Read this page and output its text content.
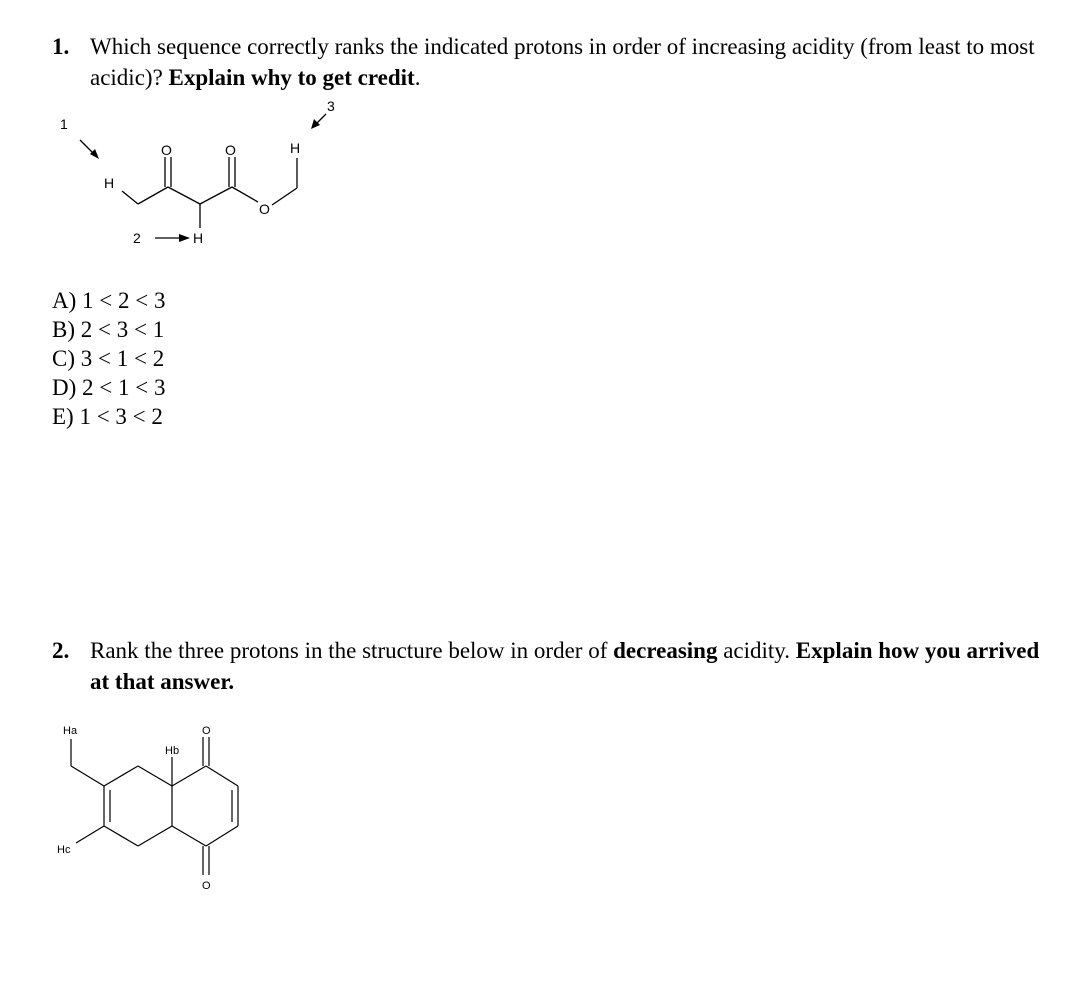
1. Which sequence correctly ranks the indicated protons in order of increasing acidity (from least to most acidic)? Explain why to get credit.
1
2
3
H
H
H
O	O
O
A) 1 < 2 < 3
B) 2 < 3 < 1
C) 3 < 1 < 2
D) 2 < 1 < 3
E) 1 < 3 < 2
2. Rank the three protons in the structure below in order of decreasing acidity. Explain how you arrived at that answer.
Ha
Hb
Hc
O
O
